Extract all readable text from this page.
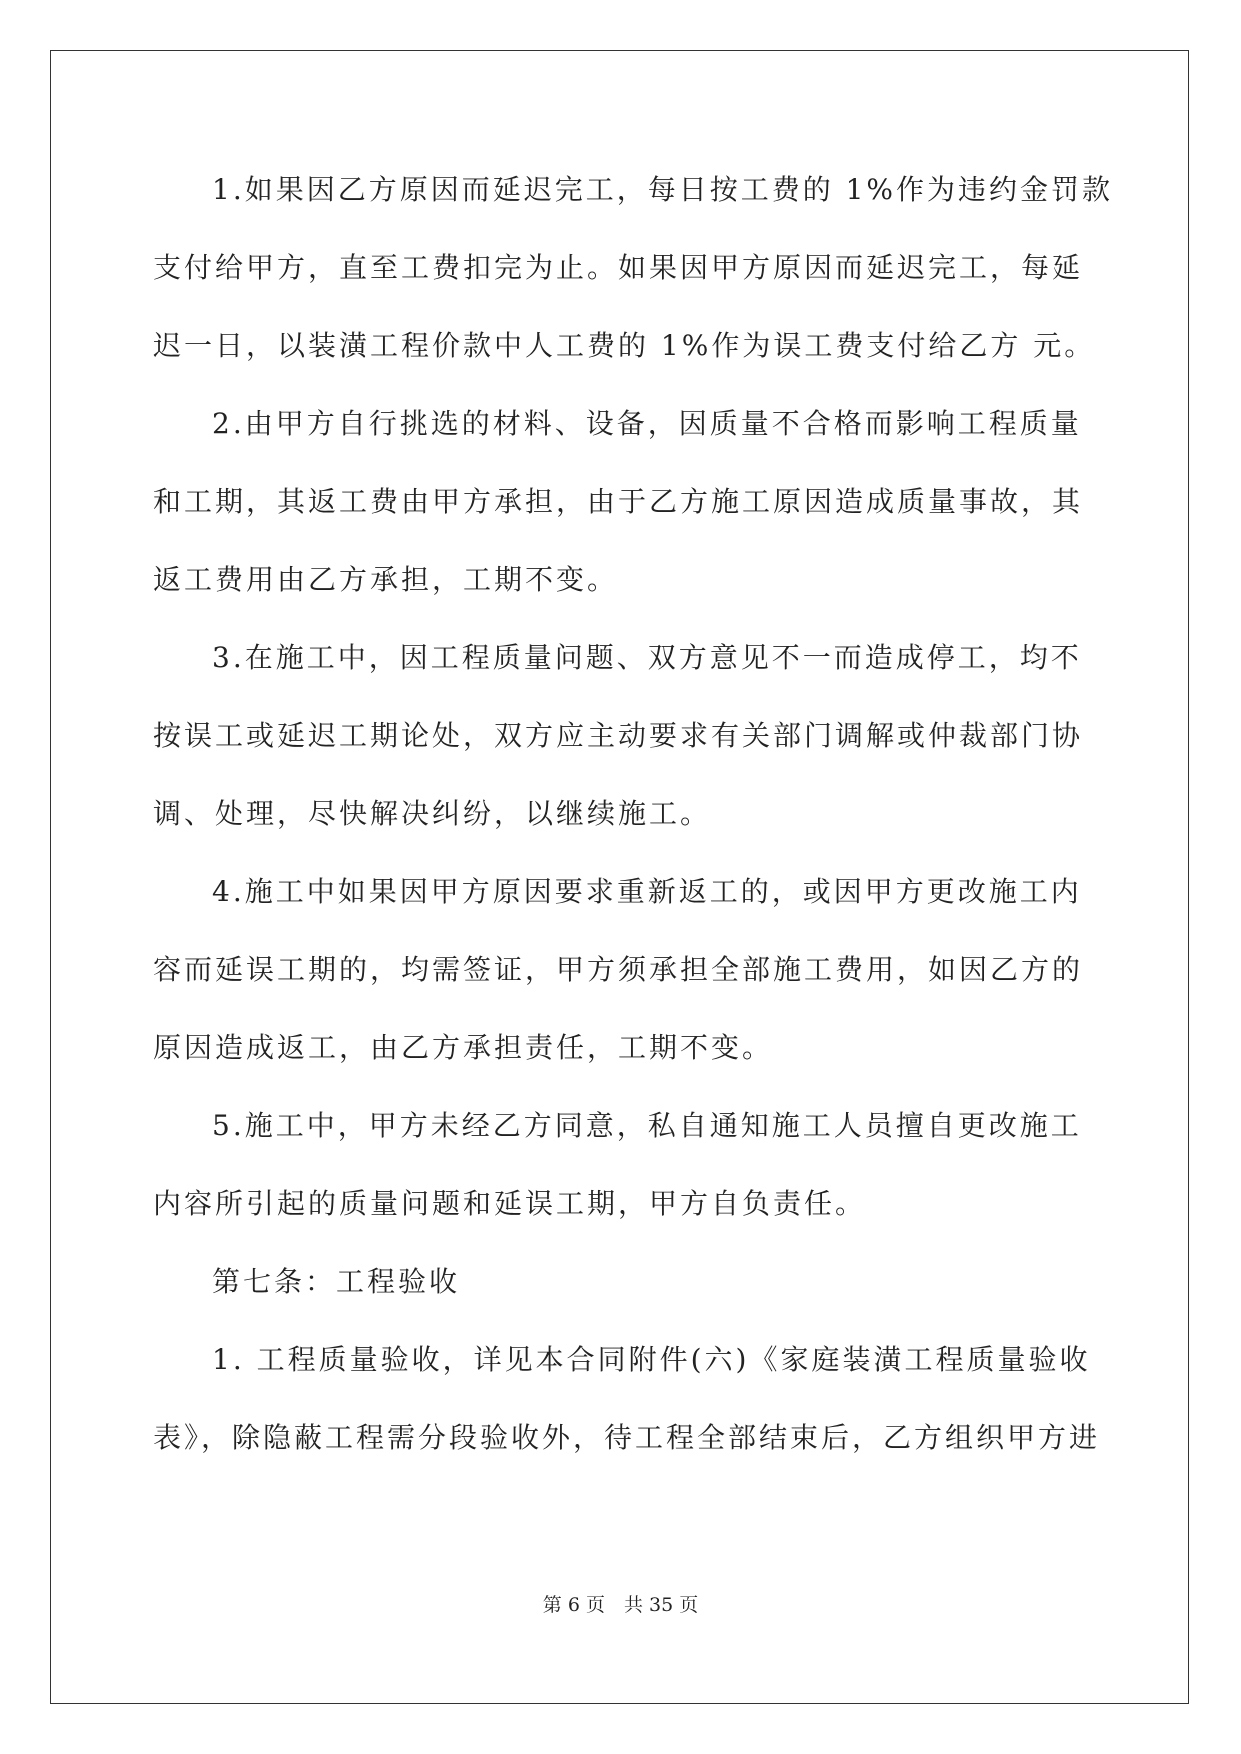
1.如果因乙方原因而延迟完工，每日按工费的 1%作为违约金罚款
支付给甲方，直至工费扣完为止。如果因甲方原因而延迟完工，每延
迟一日，以装潢工程价款中人工费的 1%作为误工费支付给乙方 元。
2.由甲方自行挑选的材料、设备，因质量不合格而影响工程质量
和工期，其返工费由甲方承担，由于乙方施工原因造成质量事故，其
返工费用由乙方承担，工期不变。
3.在施工中，因工程质量问题、双方意见不一而造成停工，均不
按误工或延迟工期论处，双方应主动要求有关部门调解或仲裁部门协
调、处理，尽快解决纠纷，以继续施工。
4.施工中如果因甲方原因要求重新返工的，或因甲方更改施工内
容而延误工期的，均需签证，甲方须承担全部施工费用，如因乙方的
原因造成返工，由乙方承担责任，工期不变。
5.施工中，甲方未经乙方同意，私自通知施工人员擅自更改施工
内容所引起的质量问题和延误工期，甲方自负责任。
第七条：工程验收
1. 工程质量验收，详见本合同附件(六)《家庭装潢工程质量验收
表》，除隐蔽工程需分段验收外，待工程全部结束后，乙方组织甲方进
第 6 页　共 35 页
